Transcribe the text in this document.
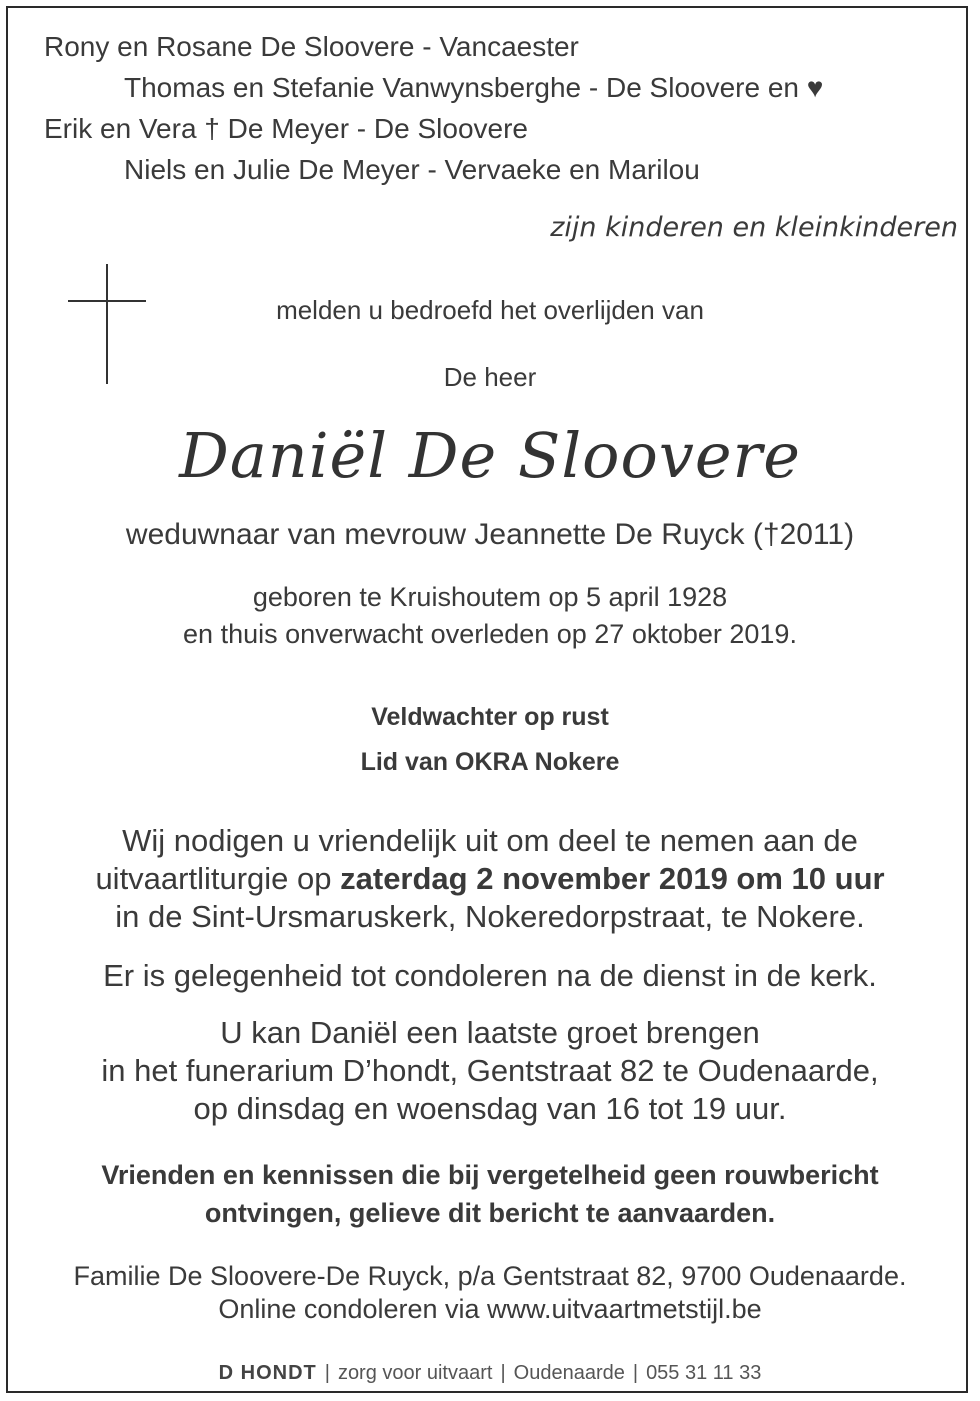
Rony en Rosane De Sloovere - Vancaester
Thomas en Stefanie Vanwynsberghe - De Sloovere en ♥
Erik en Vera † De Meyer - De Sloovere
Niels en Julie De Meyer - Vervaeke en Marilou
zijn kinderen en kleinkinderen
melden u bedroefd het overlijden van
De heer
Daniël De Sloovere
weduwnaar van mevrouw Jeannette De Ruyck (†2011)
geboren te Kruishoutem op 5 april 1928
en thuis onverwacht overleden op 27 oktober 2019.
Veldwachter op rust
Lid van OKRA Nokere
Wij nodigen u vriendelijk uit om deel te nemen aan de
uitvaartliturgie op zaterdag 2 november 2019 om 10 uur
in de Sint-Ursmaruskerk, Nokeredorpstraat, te Nokere.
Er is gelegenheid tot condoleren na de dienst in de kerk.
U kan Daniël een laatste groet brengen
in het funerarium D’hondt, Gentstraat 82 te Oudenaarde,
op dinsdag en woensdag van 16 tot 19 uur.
Vrienden en kennissen die bij vergetelheid geen rouwbericht
ontvingen, gelieve dit bericht te aanvaarden.
Familie De Sloovere-De Ruyck, p/a Gentstraat 82, 9700 Oudenaarde.
Online condoleren via www.uitvaartmetstijl.be
D HONDT | zorg voor uitvaart | Oudenaarde | 055 31 11 33
